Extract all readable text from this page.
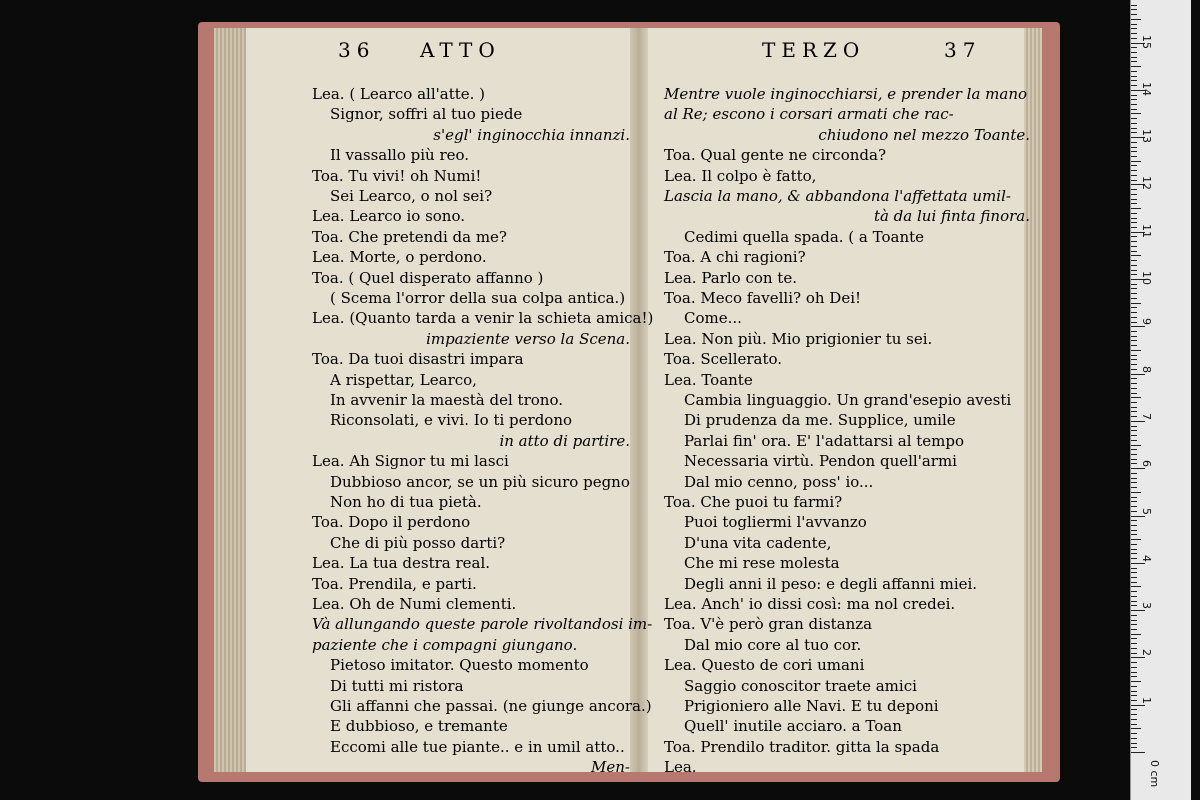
36 ATTO	TERZO	37
Lea. ( Learco all'atte. )
Signor, soffri al tuo piede
s'egl' inginocchia innanzi.
Il vassallo più reo.
Toa. Tu vivi! oh Numi!
Sei Learco, o nol sei?
Lea. Learco io sono.
Toa. Che pretendi da me?
Lea. Morte, o perdono.
Toa. ( Quel disperato affanno )
( Scema l'orror della sua colpa antica.)
Lea. (Quanto tarda a venir la schieta amica!)
impaziente verso la Scena.
Toa. Da tuoi disastri impara
A rispettar, Learco,
In avvenir la maestà del trono.
Riconsolati, e vivi. Io ti perdono
in atto di partire.
Lea. Ah Signor tu mi lasci
Dubbioso ancor, se un più sicuro pegno
Non ho di tua pietà.
Toa. Dopo il perdono
Che di più posso darti?
Lea. La tua destra real.
Toa. Prendila, e parti.
Lea. Oh de Numi clementi.
Và allungando queste parole rivoltandosi im-
paziente che i compagni giungano.
Pietoso imitator. Questo momento
Di tutti mi ristora
Gli affanni che passai. (ne giunge ancora.)
E dubbioso, e tremante
Eccomi alle tue piante.. e in umil atto..
Men-
Mentre vuole inginocchiarsi, e prender la mano
al Re; escono i corsari armati che rac-
chiudono nel mezzo Toante.
Toa. Qual gente ne circonda?
Lea. Il colpo è fatto,
Lascia la mano, & abbandona l'affettata umil-
tà da lui finta finora.
Cedimi quella spada. ( a Toante
Toa. A chi ragioni?
Lea. Parlo con te.
Toa. Meco favelli? oh Dei!
Come...
Lea. Non più. Mio prigionier tu sei.
Toa. Scellerato.
Lea. Toante
Cambia linguaggio. Un grand'esepio avesti
Di prudenza da me. Supplice, umile
Parlai fin' ora. E' l'adattarsi al tempo
Necessaria virtù. Pendon quell'armi
Dal mio cenno, poss' io...
Toa. Che puoi tu farmi?
Puoi togliermi l'avvanzo
D'una vita cadente,
Che mi rese molesta
Degli anni il peso: e degli affanni miei.
Lea. Anch' io dissi così: ma nol credei.
Toa. V'è però gran distanza
Dal mio core al tuo cor.
Lea. Questo de cori umani
Saggio conoscitor traete amici
Prigioniero alle Navi. E tu deponi
Quell' inutile acciaro. a Toan
Toa. Prendilo traditor. gitta la spada
Lea.	0 cm
1
2
3
4
5
6
7
8
9
10
11
12
13
14
15
